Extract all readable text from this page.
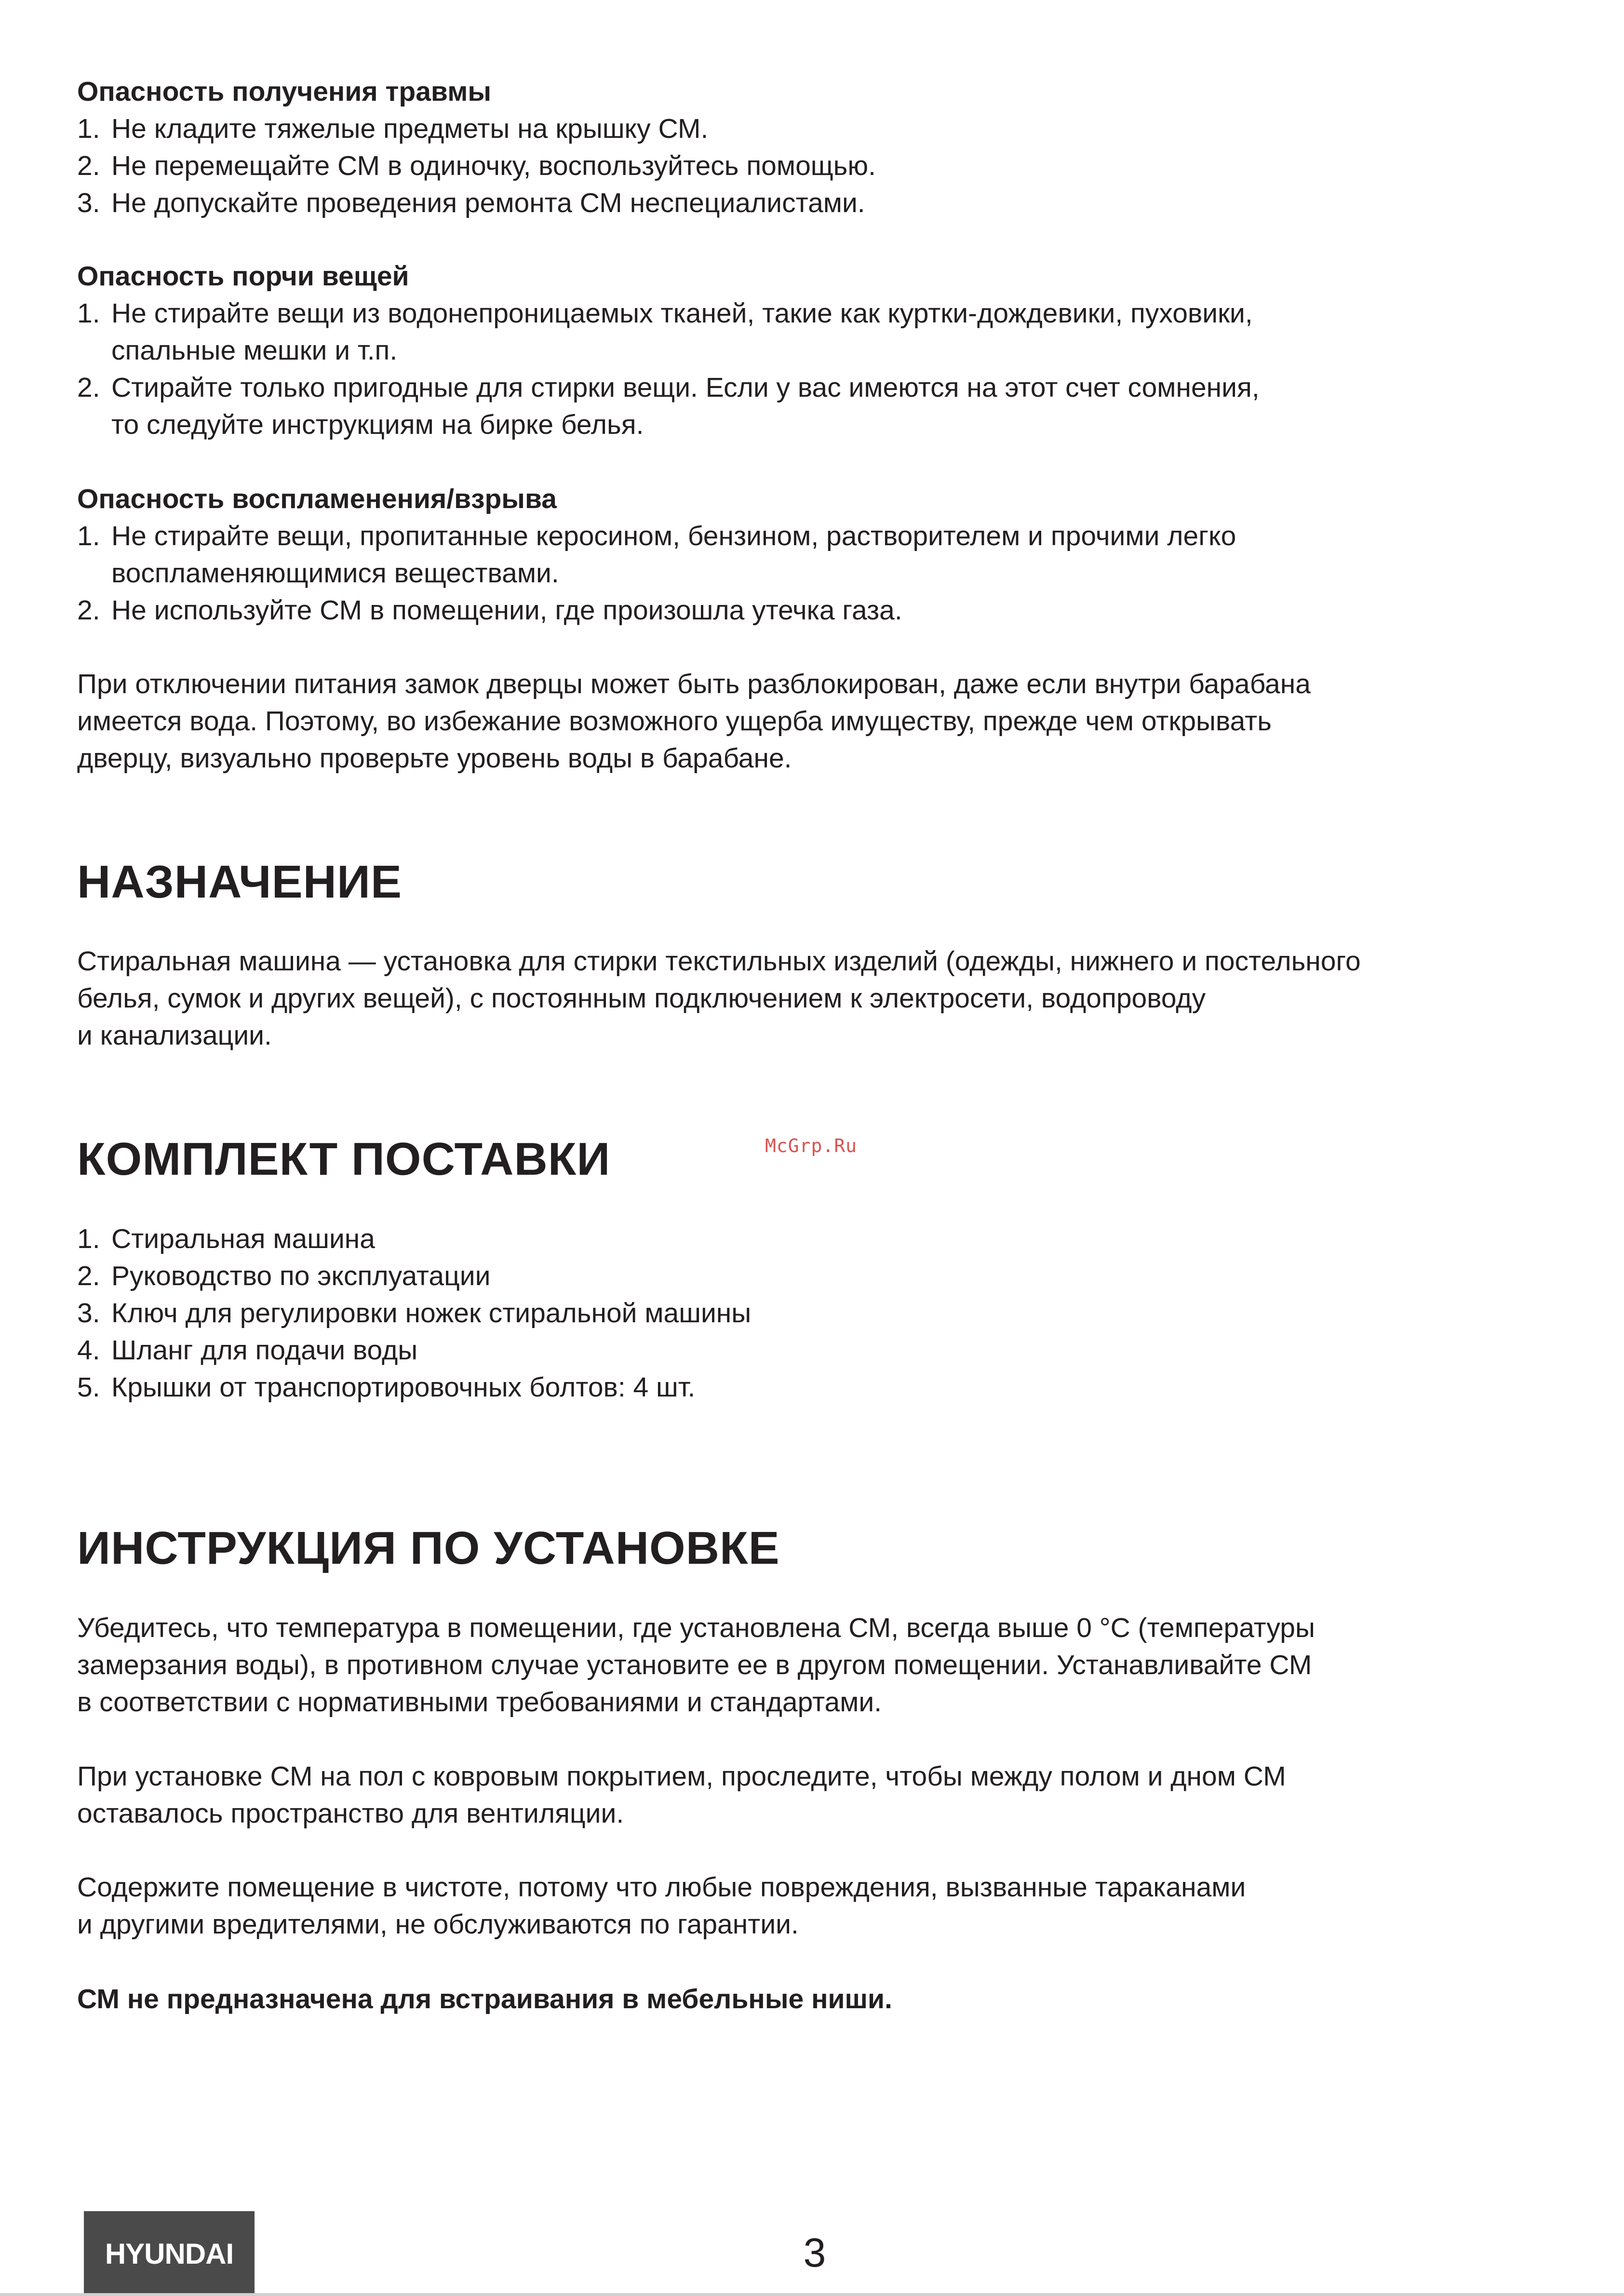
Опасность получения травмы

1. Не кладите тяжелые предметы на крышку СМ.
2. Не перемещайте СМ в одиночку, воспользуйтесь помощью.
3. Не допускайте проведения ремонта СМ неспециалистами.

Опасность порчи вещей

1. Не стирайте вещи из водонепроницаемых тканей, такие как куртки-дождевики, пуховики,
спальные мешки и т.п.
2. Стирайте только пригодные для стирки вещи. Если у вас имеются на этот счет сомнения,
то следуйте инструкциям на бирке белья.

Опасность воспламенения/взрыва

1. Не стирайте вещи, пропитанные керосином, бензином, растворителем и прочими легко
воспламеняющимися веществами.
2. Не используйте СМ в помещении, где произошла утечка газа.

При отключении питания замок дверцы может быть разблокирован, даже если внутри барабана

имеется вода. Поэтому, во избежание возможного ущерба имуществу, прежде чем открывать

дверцу, визуально проверьте уровень воды в барабане.

НАЗНАЧЕНИЕ

Стиральная машина — установка для стирки текстильных изделий (одежды, нижнего и постельного

белья, сумок и других вещей), с постоянным подключением к электросети, водопроводу

и канализации.

КОМПЛЕКТ ПОСТАВКИ
1. Стиральная машина
2. Руководство по эксплуатации
3. Ключ для регулировки ножек стиральной машины
4. Шланг для подачи воды
5. Крышки от транспортировочных болтов: 4 шт.
ИНСТРУКЦИЯ ПО УСТАНОВКЕ

Убедитесь, что температура в помещении, где установлена СМ, всегда выше 0 °С (температуры

замерзания воды), в противном случае установите ее в другом помещении. Устанавливайте СМ

в соответствии с нормативными требованиями и стандартами.

При установке СМ на пол с ковровым покрытием, проследите, чтобы между полом и дном СМ

оставалось пространство для вентиляции.

Содержите помещение в чистоте, потому что любые повреждения, вызванные тараканами

и другими вредителями, не обслуживаются по гарантии.

СМ не предназначена для встраивания в мебельные ниши.

McGrp.Ru
HYUNDAI	3
